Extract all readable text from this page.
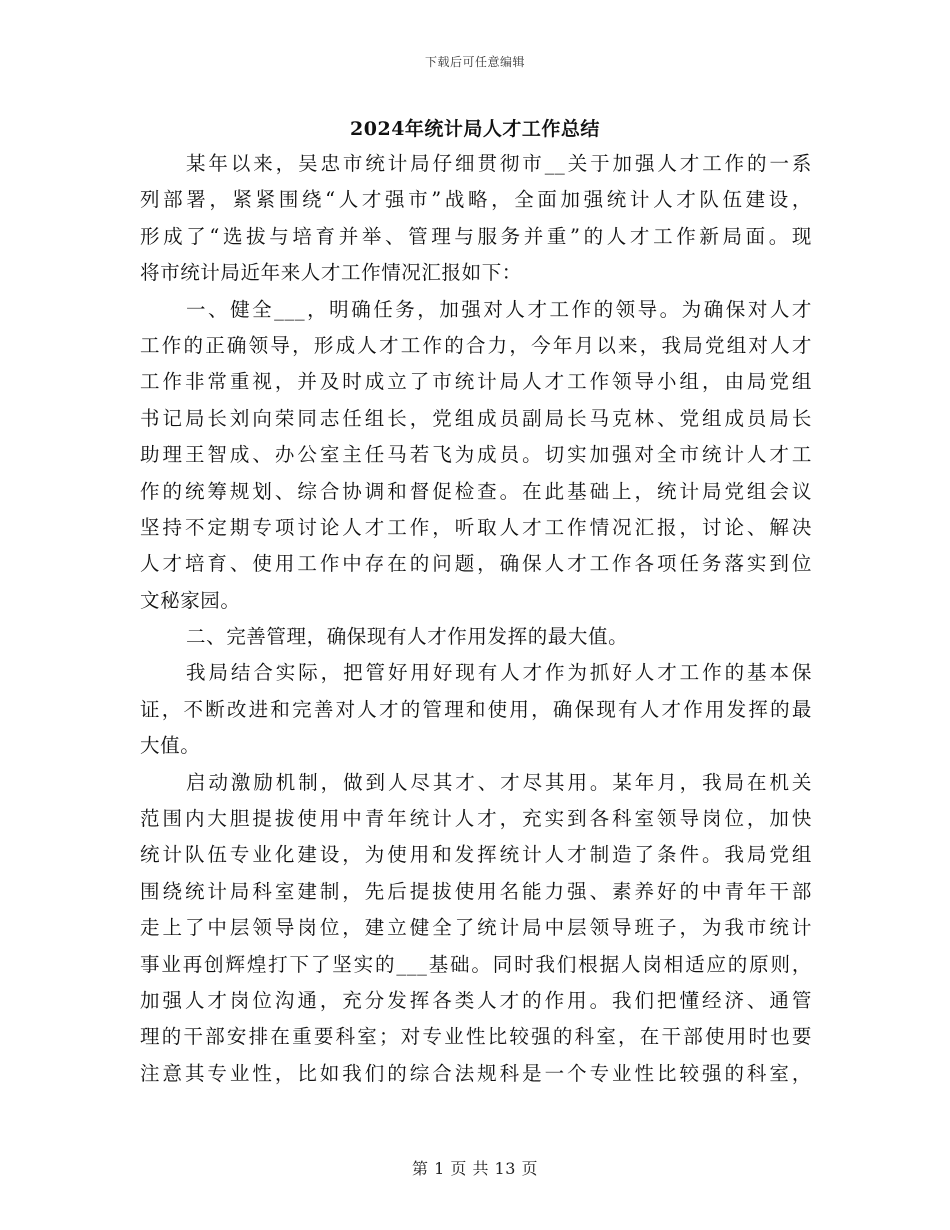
下载后可任意编辑
2024年统计局人才工作总结
某年以来，吴忠市统计局仔细贯彻市__关于加强人才工作的一系
列部署，紧紧围绕“人才强市”战略，全面加强统计人才队伍建设，
形成了“选拔与培育并举、管理与服务并重”的人才工作新局面。现
将市统计局近年来人才工作情况汇报如下：
一、健全___，明确任务，加强对人才工作的领导。为确保对人才
工作的正确领导，形成人才工作的合力，今年月以来，我局党组对人才
工作非常重视，并及时成立了市统计局人才工作领导小组，由局党组
书记局长刘向荣同志任组长，党组成员副局长马克林、党组成员局长
助理王智成、办公室主任马若飞为成员。切实加强对全市统计人才工
作的统筹规划、综合协调和督促检查。在此基础上，统计局党组会议
坚持不定期专项讨论人才工作，听取人才工作情况汇报，讨论、解决
人才培育、使用工作中存在的问题，确保人才工作各项任务落实到位
文秘家园。
二、完善管理，确保现有人才作用发挥的最大值。
我局结合实际，把管好用好现有人才作为抓好人才工作的基本保
证，不断改进和完善对人才的管理和使用，确保现有人才作用发挥的最
大值。
启动激励机制，做到人尽其才、才尽其用。某年月，我局在机关
范围内大胆提拔使用中青年统计人才，充实到各科室领导岗位，加快
统计队伍专业化建设，为使用和发挥统计人才制造了条件。我局党组
围绕统计局科室建制，先后提拔使用名能力强、素养好的中青年干部
走上了中层领导岗位，建立健全了统计局中层领导班子，为我市统计
事业再创辉煌打下了坚实的___基础。同时我们根据人岗相适应的原则，
加强人才岗位沟通，充分发挥各类人才的作用。我们把懂经济、通管
理的干部安排在重要科室；对专业性比较强的科室，在干部使用时也要
注意其专业性，比如我们的综合法规科是一个专业性比较强的科室，
第 1 页 共 13 页
